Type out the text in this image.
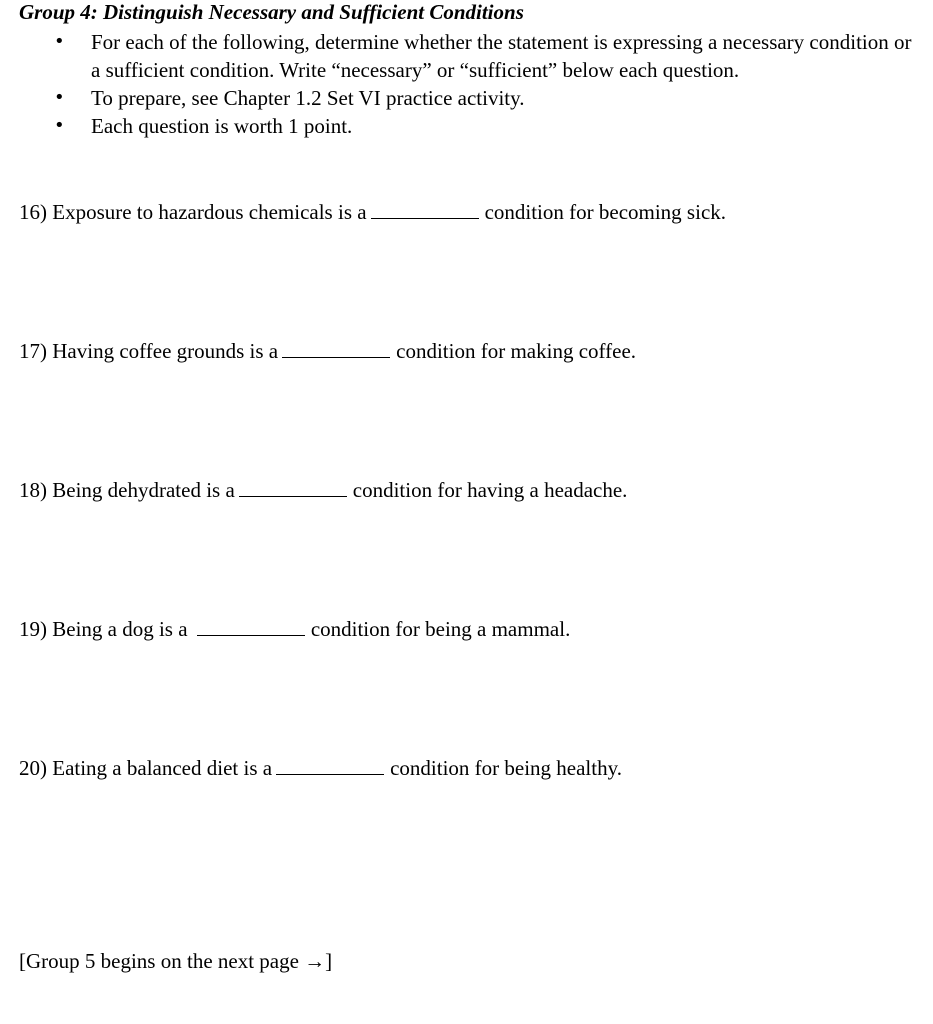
Group 4: Distinguish Necessary and Sufficient Conditions
• For each of the following, determine whether the statement is expressing a necessary condition or a sufficient condition. Write “necessary” or “sufficient” below each question.
• To prepare, see Chapter 1.2 Set VI practice activity.
• Each question is worth 1 point.
16) Exposure to hazardous chemicals is a	condition for becoming sick.
17) Having coffee grounds is a	condition for making coffee.
18) Being dehydrated is a	condition for having a headache.
19) Being a dog is a	condition for being a mammal.
20) Eating a balanced diet is a	condition for being healthy.
[Group 5 begins on the next page →]
